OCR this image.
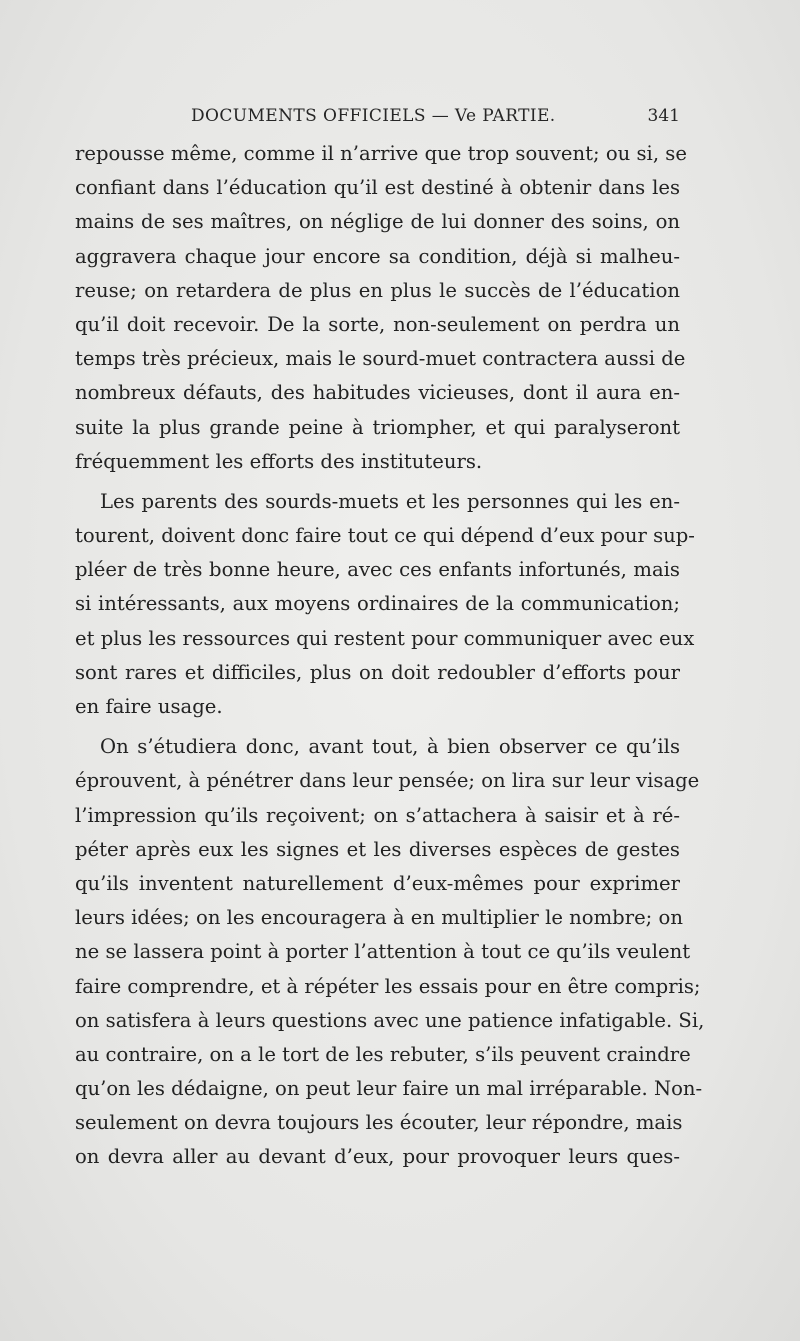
DOCUMENTS OFFICIELS — Ve PARTIE.	341
repousse même, comme il n’arrive que trop souvent; ou si, se
confiant dans l’éducation qu’il est destiné à obtenir dans les
mains de ses maîtres, on néglige de lui donner des soins, on
aggravera chaque jour encore sa condition, déjà si malheu-
reuse; on retardera de plus en plus le succès de l’éducation
qu’il doit recevoir. De la sorte, non-seulement on perdra un
temps très précieux, mais le sourd-muet contractera aussi de
nombreux défauts, des habitudes vicieuses, dont il aura en-
suite la plus grande peine à triompher, et qui paralyseront
fréquemment les efforts des instituteurs.
Les parents des sourds-muets et les personnes qui les en-
tourent, doivent donc faire tout ce qui dépend d’eux pour sup-
pléer de très bonne heure, avec ces enfants infortunés, mais
si intéressants, aux moyens ordinaires de la communication;
et plus les ressources qui restent pour communiquer avec eux
sont rares et difficiles, plus on doit redoubler d’efforts pour
en faire usage.
On s’étudiera donc, avant tout, à bien observer ce qu’ils
éprouvent, à pénétrer dans leur pensée; on lira sur leur visage
l’impression qu’ils reçoivent; on s’attachera à saisir et à ré-
péter après eux les signes et les diverses espèces de gestes
qu’ils inventent naturellement d’eux-mêmes pour exprimer
leurs idées; on les encouragera à en multiplier le nombre; on
ne se lassera point à porter l’attention à tout ce qu’ils veulent
faire comprendre, et à répéter les essais pour en être compris;
on satisfera à leurs questions avec une patience infatigable. Si,
au contraire, on a le tort de les rebuter, s’ils peuvent craindre
qu’on les dédaigne, on peut leur faire un mal irréparable. Non-
seulement on devra toujours les écouter, leur répondre, mais
on devra aller au devant d’eux, pour provoquer leurs ques-
